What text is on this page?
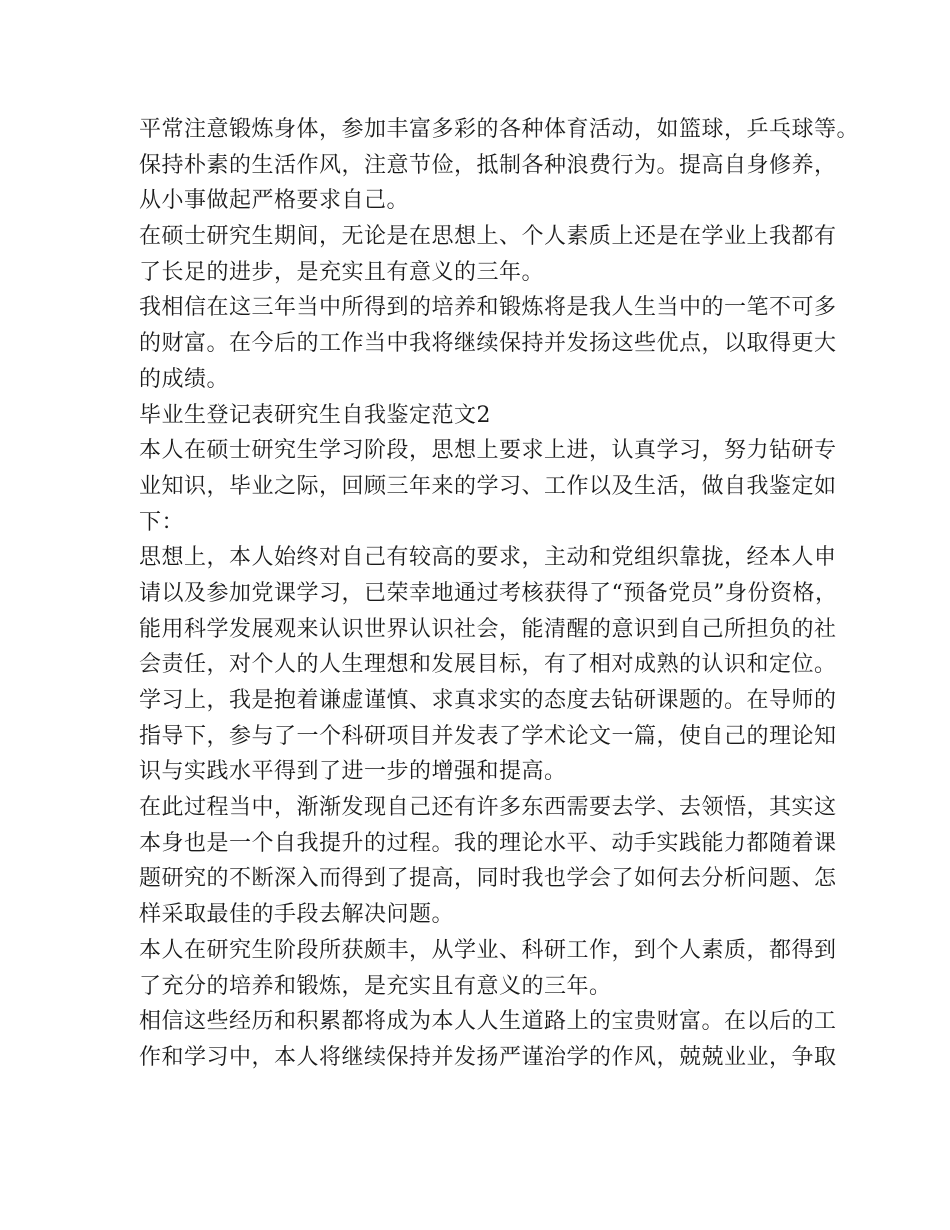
平常注意锻炼身体，参加丰富多彩的各种体育活动，如篮球，乒乓球等。
保持朴素的生活作风，注意节俭，抵制各种浪费行为。提高自身修养，
从小事做起严格要求自己。
在硕士研究生期间，无论是在思想上、个人素质上还是在学业上我都有
了长足的进步，是充实且有意义的三年。
我相信在这三年当中所得到的培养和锻炼将是我人生当中的一笔不可多
的财富。在今后的工作当中我将继续保持并发扬这些优点，以取得更大
的成绩。
毕业生登记表研究生自我鉴定范文2
本人在硕士研究生学习阶段，思想上要求上进，认真学习，努力钻研专
业知识，毕业之际，回顾三年来的学习、工作以及生活，做自我鉴定如
下：
思想上，本人始终对自己有较高的要求，主动和党组织靠拢，经本人申
请以及参加党课学习，已荣幸地通过考核获得了“预备党员”身份资格，
能用科学发展观来认识世界认识社会，能清醒的意识到自己所担负的社
会责任，对个人的人生理想和发展目标，有了相对成熟的认识和定位。
学习上，我是抱着谦虚谨慎、求真求实的态度去钻研课题的。在导师的
指导下，参与了一个科研项目并发表了学术论文一篇，使自己的理论知
识与实践水平得到了进一步的增强和提高。
在此过程当中，渐渐发现自己还有许多东西需要去学、去领悟，其实这
本身也是一个自我提升的过程。我的理论水平、动手实践能力都随着课
题研究的不断深入而得到了提高，同时我也学会了如何去分析问题、怎
样采取最佳的手段去解决问题。
本人在研究生阶段所获颇丰，从学业、科研工作，到个人素质，都得到
了充分的培养和锻炼，是充实且有意义的三年。
相信这些经历和积累都将成为本人人生道路上的宝贵财富。在以后的工
作和学习中，本人将继续保持并发扬严谨治学的作风，兢兢业业，争取
